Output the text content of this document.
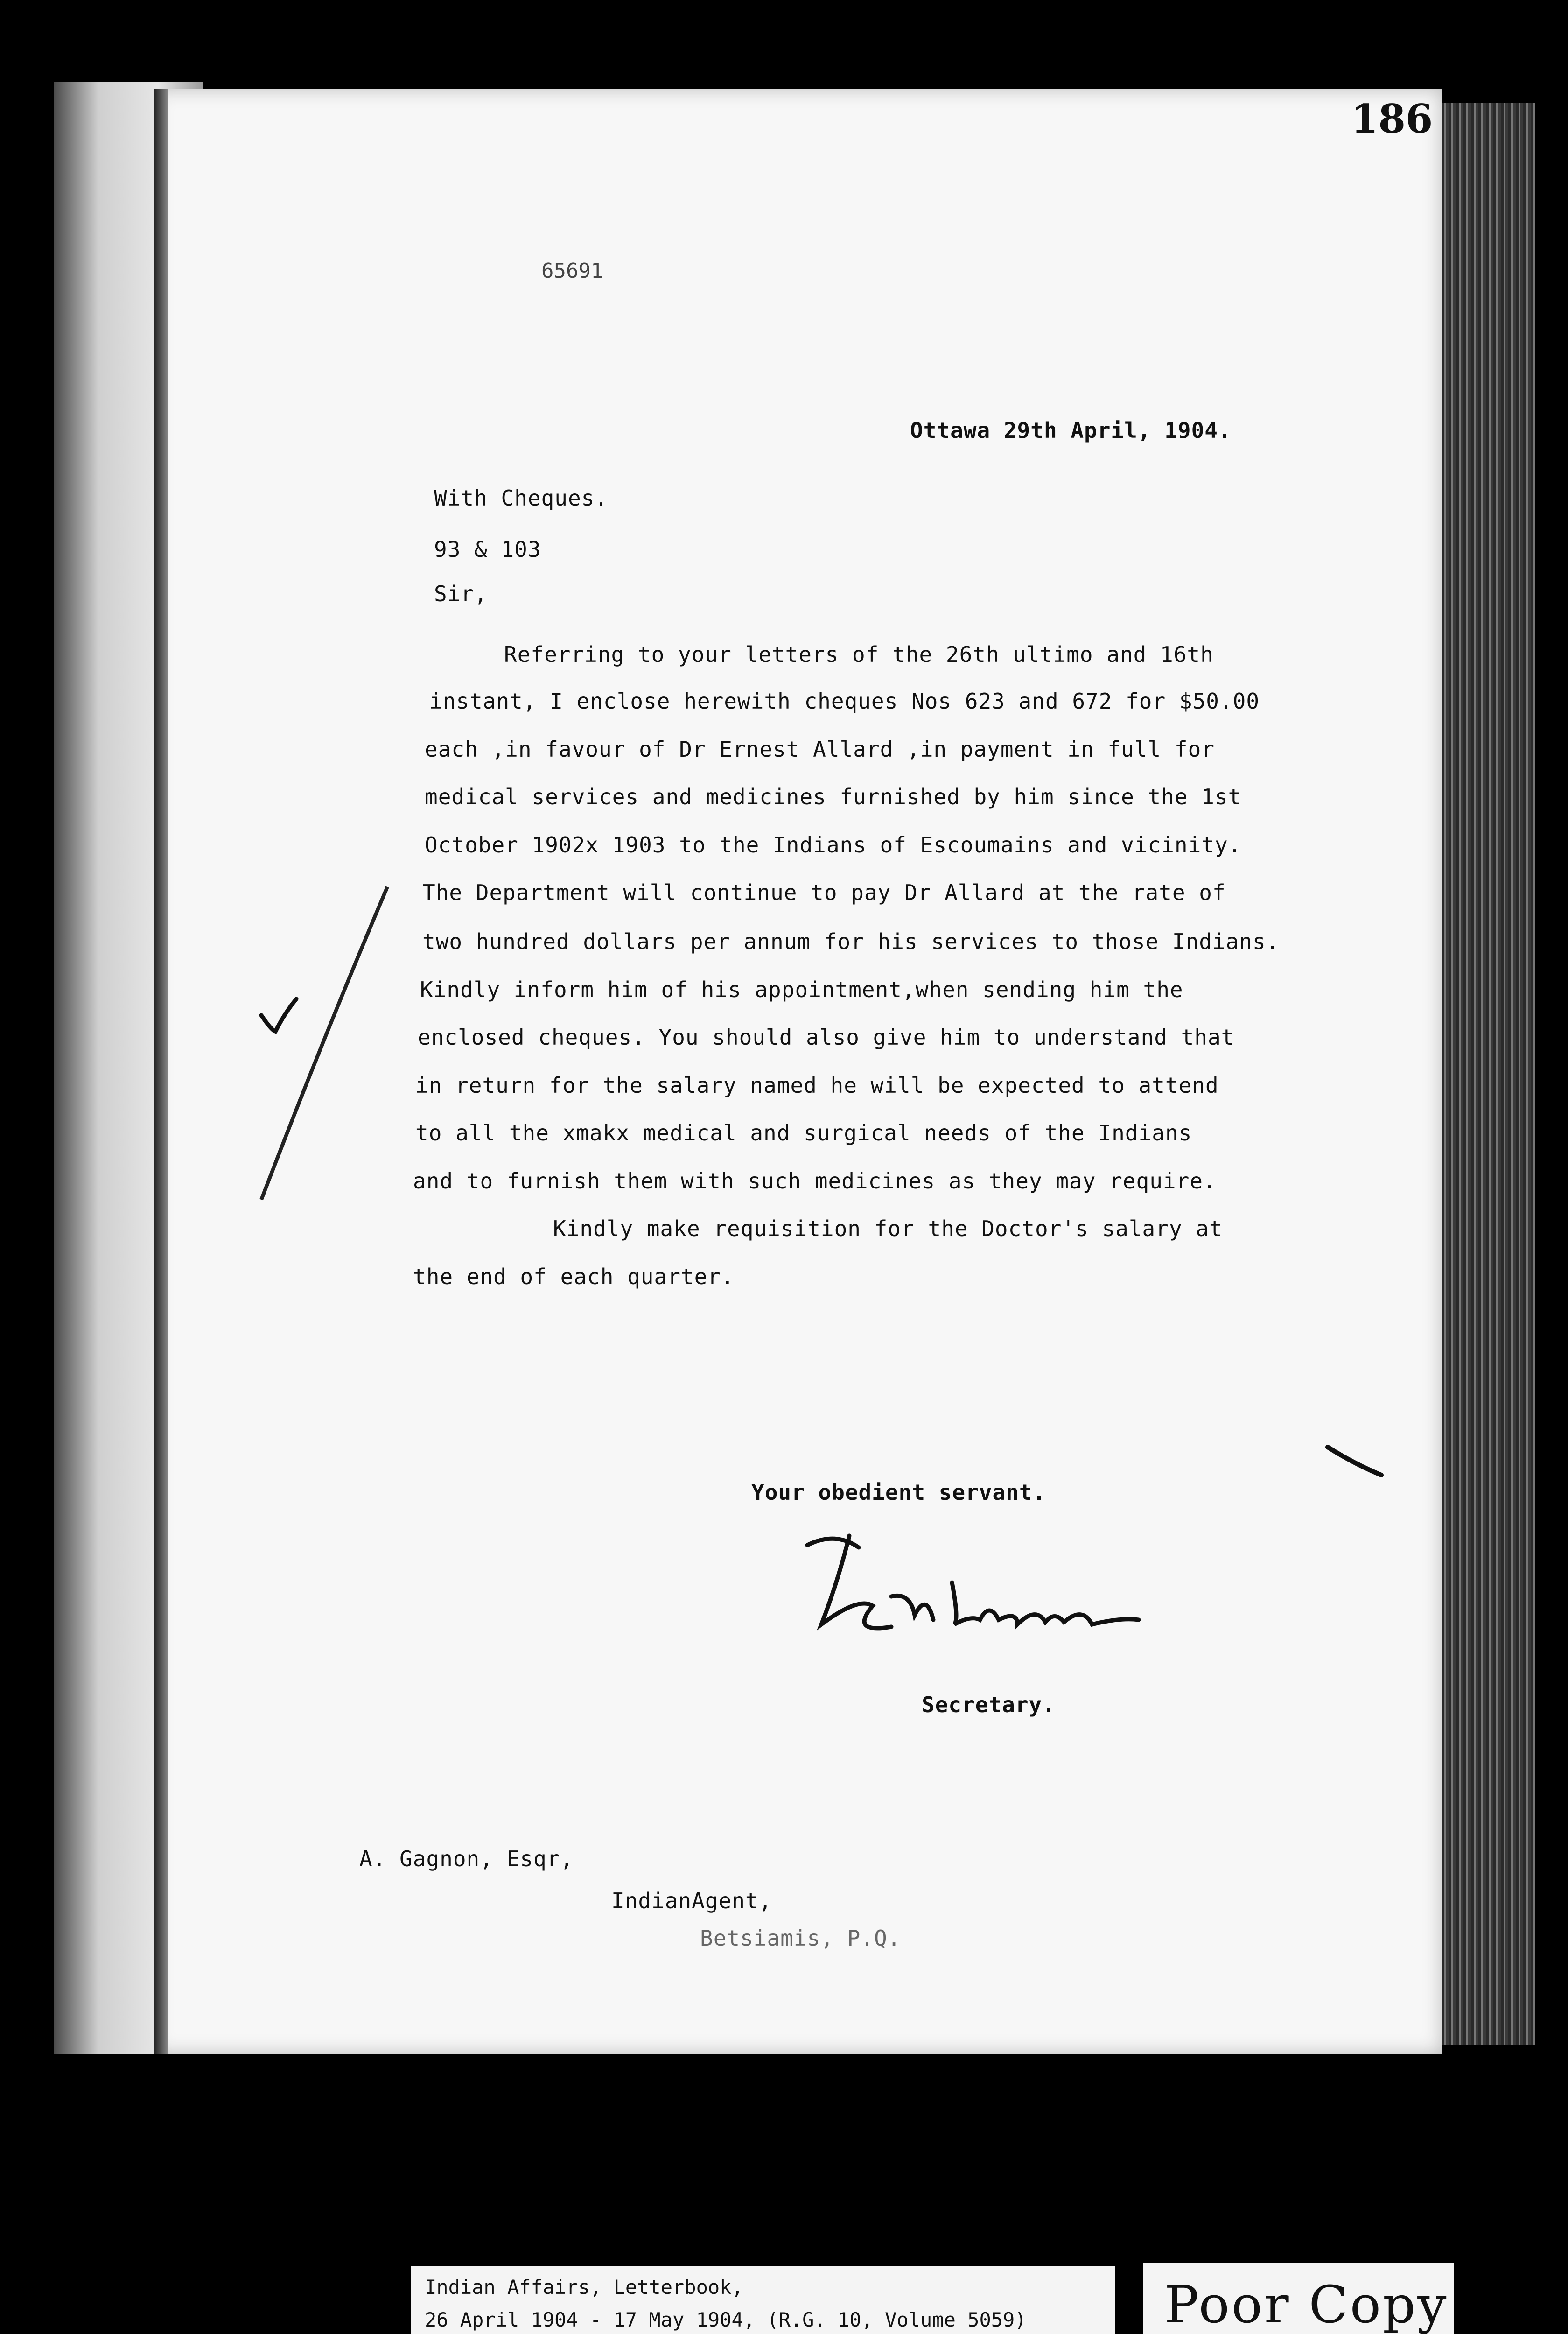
186
65691
Ottawa 29th April, 1904.
With Cheques.
93 & 103
Sir,
Referring to your letters of the 26th ultimo and 16th
instant, I enclose herewith cheques Nos 623 and 672 for $50.00
each ,in favour of Dr Ernest Allard ,in payment in full for
medical services and medicines furnished by him since the 1st
October 1902x 1903 to the Indians of Escoumains and vicinity.
The Department will continue to pay Dr Allard at the rate of
two hundred dollars per annum for his services to those Indians.
Kindly inform him of his appointment,when sending him the
enclosed cheques. You should also give him to understand that
in return for the salary named he will be expected to attend
to all the xmakx medical and surgical needs of the Indians
and to furnish them with such medicines as they may require.
Kindly make requisition for the Doctor's salary at
the end of each quarter.
Your obedient servant.
Secretary.
A. Gagnon, Esqr,
IndianAgent,
Betsiamis, P.Q.
Indian Affairs, Letterbook,
26 April 1904 - 17 May 1904, (R.G. 10, Volume 5059)	Poor Copy
